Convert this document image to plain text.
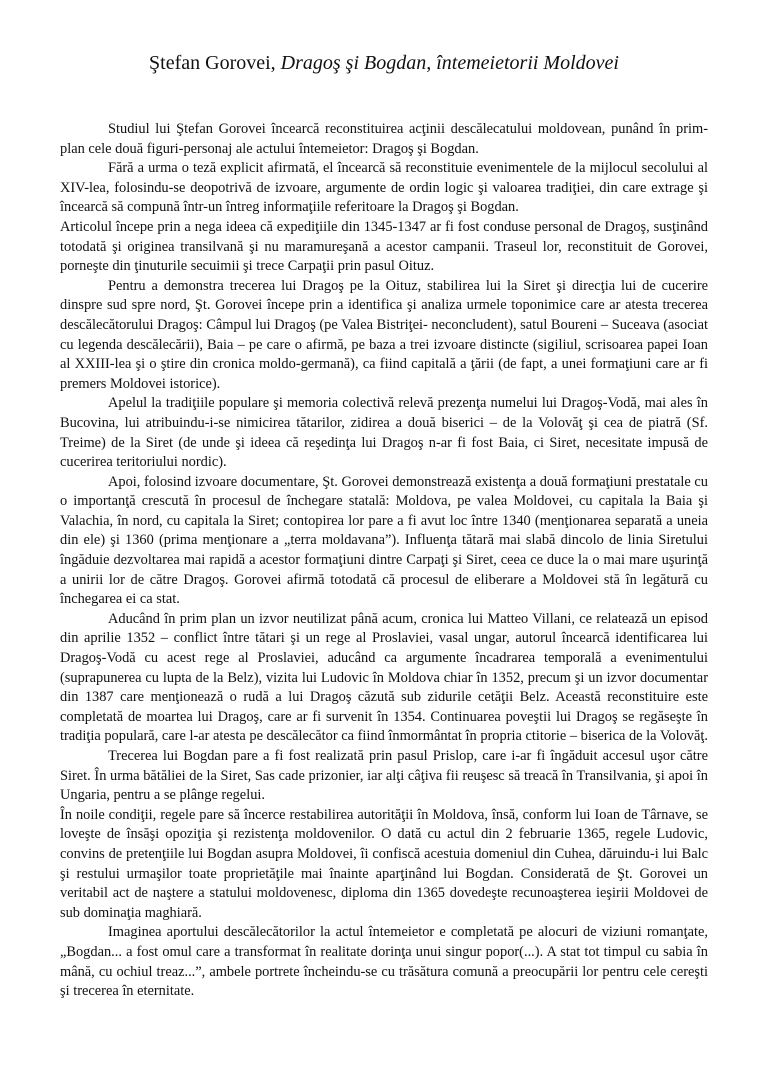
Ştefan Gorovei, Dragoş şi Bogdan, întemeietorii Moldovei

Studiul lui Ştefan Gorovei încearcă reconstituirea acţinii descălecatului moldovean, punând în prim-plan cele două figuri-personaj ale actului întemeietor: Dragoş şi Bogdan.

Fără a urma o teză explicit afirmată, el încearcă să reconstituie evenimentele de la mijlocul secolului al XIV-lea, folosindu-se deopotrivă de izvoare, argumente de ordin logic şi valoarea tradiţiei, din care extrage şi încearcă să compună într-un întreg informaţiile referitoare la Dragoş şi Bogdan.

Articolul începe prin a nega ideea că expediţiile din 1345-1347 ar fi fost conduse personal de Dragoş, susţinând totodată şi originea transilvană şi nu maramureşană a acestor campanii. Traseul lor, reconstituit de Gorovei, porneşte din ţinuturile secuimii şi trece Carpaţii prin pasul Oituz.

Pentru a demonstra trecerea lui Dragoş pe la Oituz, stabilirea lui la Siret şi direcţia lui de cucerire dinspre sud spre nord, Şt. Gorovei începe prin a identifica şi analiza urmele toponimice care ar atesta trecerea descălecătorului Dragoş: Câmpul lui Dragoş (pe Valea Bistriţei- neconcludent), satul Boureni – Suceava (asociat cu legenda descălecării), Baia – pe care o afirmă, pe baza a trei izvoare distincte (sigiliul, scrisoarea papei Ioan al XXIII-lea şi o ştire din cronica moldo-germană), ca fiind capitală a ţării (de fapt, a unei formaţiuni care ar fi premers Moldovei istorice).

Apelul la tradiţiile populare şi memoria colectivă relevă prezenţa numelui lui Dragoş-Vodă, mai ales în Bucovina, lui atribuindu-i-se nimicirea tătarilor, zidirea a două biserici – de la Volovăţ şi cea de piatră (Sf. Treime) de la Siret (de unde şi ideea că reşedinţa lui Dragoş n-ar fi fost Baia, ci Siret, necesitate impusă de cucerirea teritoriului nordic).

Apoi, folosind izvoare documentare, Şt. Gorovei demonstrează existenţa a două formaţiuni prestatale cu o importanţă crescută în procesul de închegare statală: Moldova, pe valea Moldovei, cu capitala la Baia şi Valachia, în nord, cu capitala la Siret; contopirea lor pare a fi avut loc între 1340 (menţionarea separată a uneia din ele) şi 1360 (prima menţionare a „terra moldavana”). Influenţa tătară mai slabă dincolo de linia Siretului îngăduie dezvoltarea mai rapidă a acestor formaţiuni dintre Carpaţi şi Siret, ceea ce duce la o mai mare uşurinţă a unirii lor de către Dragoş. Gorovei afirmă totodată că procesul de eliberare a Moldovei stă în legătură cu închegarea ei ca stat.

Aducând în prim plan un izvor neutilizat până acum, cronica lui Matteo Villani, ce relatează un episod din aprilie 1352 – conflict între tătari şi un rege al Proslaviei, vasal ungar, autorul încearcă identificarea lui Dragoş-Vodă cu acest rege al Proslaviei, aducând ca argumente încadrarea temporală a evenimentului (suprapunerea cu lupta de la Belz), vizita lui Ludovic în Moldova chiar în 1352, precum şi un izvor documentar din 1387 care menţionează o rudă a lui Dragoş căzută sub zidurile cetăţii Belz. Această reconstituire este completată de moartea lui Dragoş, care ar fi survenit în 1354. Continuarea poveştii lui Dragoş se regăseşte în tradiţia populară, care l-ar atesta pe descălecător ca fiind înmormântat în propria ctitorie – biserica de la Volovăţ.

Trecerea lui Bogdan pare a fi fost realizată prin pasul Prislop, care i-ar fi îngăduit accesul uşor către Siret. În urma bătăliei de la Siret, Sas cade prizonier, iar alţi câţiva fii reuşesc să treacă în Transilvania, şi apoi în Ungaria, pentru a se plânge regelui.

În noile condiţii, regele pare să încerce restabilirea autorităţii în Moldova, însă, conform lui Ioan de Târnave, se loveşte de însăşi opoziţia şi rezistenţa moldovenilor. O dată cu actul din 2 februarie 1365, regele Ludovic, convins de pretenţiile lui Bogdan asupra Moldovei, îi confiscă acestuia domeniul din Cuhea, dăruindu-i lui Balc şi restului urmaşilor toate proprietăţile mai înainte aparţinând lui Bogdan. Considerată de Şt. Gorovei un veritabil act de naştere a statului moldovenesc, diploma din 1365 dovedeşte recunoaşterea ieşirii Moldovei de sub dominaţia maghiară.

Imaginea aportului descălecătorilor la actul întemeietor e completată pe alocuri de viziuni romanţate, „Bogdan... a fost omul care a transformat în realitate dorinţa unui singur popor(...). A stat tot timpul cu sabia în mână, cu ochiul treaz...”, ambele portrete încheindu-se cu trăsătura comună a preocupării lor pentru cele cereşti şi trecerea în eternitate.
